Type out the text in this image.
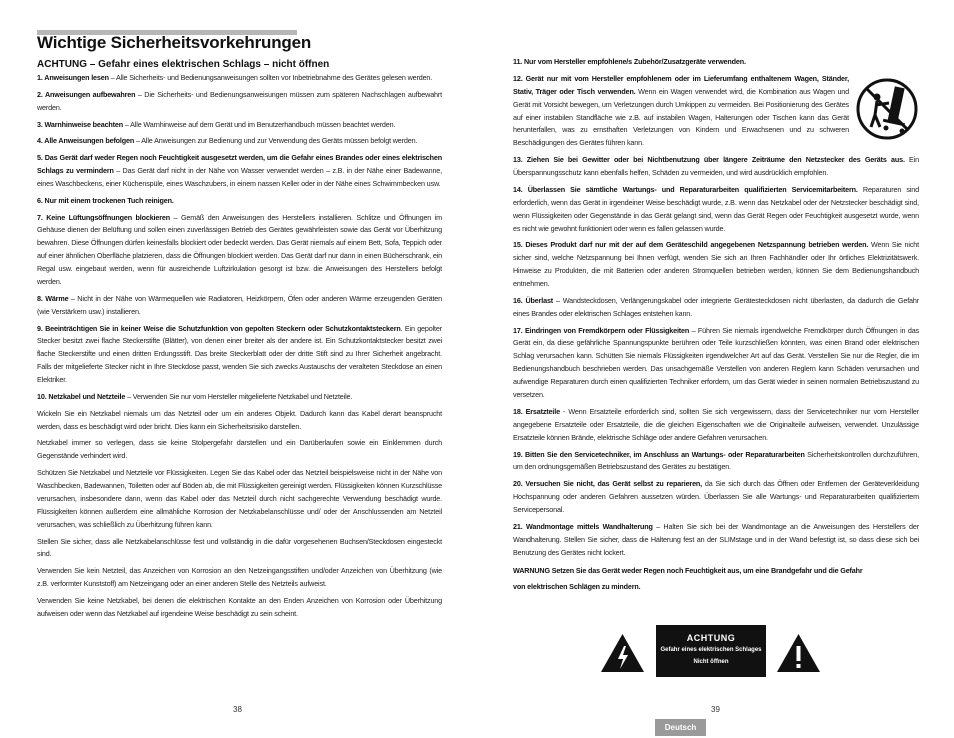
Wichtige Sicherheitsvorkehrungen
ACHTUNG – Gefahr eines elektrischen Schlags – nicht öffnen

1. Anweisungen lesen – Alle Sicherheits- und Bedienungsanweisungen sollten vor Inbetriebnahme des Gerätes gelesen werden.

2. Anweisungen aufbewahren – Die Sicherheits- und Bedienungsanweisungen müssen zum späteren Nachschlagen aufbewahrt werden.

3. Warnhinweise beachten – Alle Warnhinweise auf dem Gerät und im Benutzerhandbuch müssen beachtet werden.

4. Alle Anweisungen befolgen – Alle Anweisungen zur Bedienung und zur Verwendung des Geräts müssen befolgt werden.

5. Das Gerät darf weder Regen noch Feuchtigkeit ausgesetzt werden, um die Gefahr eines Brandes oder eines elektrischen Schlags zu vermindern – Das Gerät darf nicht in der Nähe von Wasser verwendet werden – z.B. in der Nähe einer Badewanne, eines Waschbeckens, einer Küchenspüle, eines Waschzubers, in einem nassen Keller oder in der Nähe eines Schwimmbecken usw.

6. Nur mit einem trockenen Tuch reinigen.

7. Keine Lüftungsöffnungen blockieren – Gemäß den Anweisungen des Herstellers installieren. Schlitze und Öffnungen im Gehäuse dienen der Belüftung und sollen einen zuverlässigen Betrieb des Gerätes gewährleisten sowie das Gerät vor Überhitzung bewahren. Diese Öffnungen dürfen keinesfalls blockiert oder bedeckt werden. Das Gerät niemals auf einem Bett, Sofa, Teppich oder auf einer ähnlichen Oberfläche platzieren, dass die Öffnungen blockiert werden. Das Gerät darf nur dann in einen Bücherschrank, ein Regal usw. eingebaut werden, wenn für ausreichende Luftzirkulation gesorgt ist bzw. die Anweisungen des Herstellers befolgt werden.

8. Wärme – Nicht in der Nähe von Wärmequellen wie Radiatoren, Heizkörpern, Öfen oder anderen Wärme erzeugenden Geräten (wie Verstärkern usw.) installieren.

9. Beeinträchtigen Sie in keiner Weise die Schutzfunktion von gepolten Steckern oder Schutzkontaktsteckern. Ein gepolter Stecker besitzt zwei flache Steckerstifte (Blätter), von denen einer breiter als der andere ist. Ein Schutzkontaktstecker besitzt zwei flache Steckerstifte und einen dritten Erdungsstift. Das breite Steckerblatt oder der dritte Stift sind zu Ihrer Sicherheit angebracht. Falls der mitgelieferte Stecker nicht in Ihre Steckdose passt, wenden Sie sich zwecks Austauschs der veralteten Steckdose an einen Elektriker.

10. Netzkabel und Netzteile – Verwenden Sie nur vom Hersteller mitgelieferte Netzkabel und Netzteile.

Wickeln Sie ein Netzkabel niemals um das Netzteil oder um ein anderes Objekt. Dadurch kann das Kabel derart beansprucht werden, dass es beschädigt wird oder bricht. Dies kann ein Sicherheitsrisiko darstellen.

Netzkabel immer so verlegen, dass sie keine Stolpergefahr darstellen und ein Darüberlaufen sowie ein Einklemmen durch Gegenstände verhindert wird.

Schützen Sie Netzkabel und Netzteile vor Flüssigkeiten. Legen Sie das Kabel oder das Netzteil beispielsweise nicht in der Nähe von Waschbecken, Badewannen, Toiletten oder auf Böden ab, die mit Flüssigkeiten gereinigt werden. Flüssigkeiten können Kurzschlüsse verursachen, insbesondere dann, wenn das Kabel oder das Netzteil durch nicht sachgerechte Verwendung beschädigt wurde. Flüssigkeiten können außerdem eine allmähliche Korrosion der Netzkabelanschlüsse und/ oder der Anschlussenden am Netzteil verursachen, was schließlich zu Überhitzung führen kann.

Stellen Sie sicher, dass alle Netzkabelanschlüsse fest und vollständig in die dafür vorgesehenen Buchsen/Steckdosen eingesteckt sind.

Verwenden Sie kein Netzteil, das Anzeichen von Korrosion an den Netzeingangsstiften und/oder Anzeichen von Überhitzung (wie z.B. verformter Kunststoff) am Netzeingang oder an einer anderen Stelle des Netzteils aufweist.

Verwenden Sie keine Netzkabel, bei denen die elektrischen Kontakte an den Enden Anzeichen von Korrosion oder Überhitzung aufweisen oder wenn das Netzkabel auf irgendeine Weise beschädigt zu sein scheint.

38

11. Nur vom Hersteller empfohlene/s Zubehör/Zusatzgeräte verwenden.

12. Gerät nur mit vom Hersteller empfohlenem oder im Lieferumfang enthaltenem Wagen, Ständer, Stativ, Träger oder Tisch verwenden. Wenn ein Wagen verwendet wird, die Kombination aus Wagen und Gerät mit Vorsicht bewegen, um Verletzungen durch Umkippen zu vermeiden. Bei Positionierung des Gerätes auf einer instabilen Standfläche wie z.B. auf instabilen Wagen, Halterungen oder Tischen kann das Gerät herunterfallen, was zu ernsthaften Verletzungen von Kindern und Erwachsenen und zu schweren Beschädigungen des Gerätes führen kann.

13. Ziehen Sie bei Gewitter oder bei Nichtbenutzung über längere Zeiträume den Netzstecker des Geräts aus. Ein Überspannungsschutz kann ebenfalls helfen, Schäden zu vermeiden, und wird ausdrücklich empfohlen.

14. Überlassen Sie sämtliche Wartungs- und Reparaturarbeiten qualifizierten Servicemitarbeitern. Reparaturen sind erforderlich, wenn das Gerät in irgendeiner Weise beschädigt wurde, z.B. wenn das Netzkabel oder der Netzstecker beschädigt sind, wenn Flüssigkeiten oder Gegenstände in das Gerät gelangt sind, wenn das Gerät Regen oder Feuchtigkeit ausgesetzt wurde, wenn es nicht wie gewohnt funktioniert oder wenn es fallen gelassen wurde.

15. Dieses Produkt darf nur mit der auf dem Geräteschild angegebenen Netzspannung betrieben werden. Wenn Sie nicht sicher sind, welche Netzspannung bei Ihnen verfügt, wenden Sie sich an Ihren Fachhändler oder Ihr örtliches Elektrizitätswerk. Hinweise zu Produkten, die mit Batterien oder anderen Stromquellen betrieben werden, können Sie dem Bedienungshandbuch entnehmen.

16. Überlast – Wandsteckdosen, Verlängerungskabel oder integrierte Gerätesteckdosen nicht überlasten, da dadurch die Gefahr eines Brandes oder elektrischen Schlages entstehen kann.

17. Eindringen von Fremdkörpern oder Flüssigkeiten – Führen Sie niemals irgendwelche Fremdkörper durch Öffnungen in das Gerät ein, da diese gefährliche Spannungspunkte berühren oder Teile kurzschließen könnten, was einen Brand oder elektrischen Schlag verursachen kann. Schütten Sie niemals Flüssigkeiten irgendwelcher Art auf das Gerät. Verstellen Sie nur die Regler, die im Bedienungshandbuch beschrieben werden. Das unsachgemäße Verstellen von anderen Reglern kann Schäden verursachen und aufwendige Reparaturen durch einen qualifizierten Techniker erfordern, um das Gerät wieder in seinen normalen Betriebszustand zu versetzen.

18. Ersatzteile - Wenn Ersatzteile erforderlich sind, sollten Sie sich vergewissern, dass der Servicetechniker nur vom Hersteller angegebene Ersatzteile oder Ersatzteile, die die gleichen Eigenschaften wie die Originalteile aufweisen, verwendet. Unzulässige Ersatzteile können Brände, elektrische Schläge oder andere Gefahren verursachen.

19. Bitten Sie den Servicetechniker, im Anschluss an Wartungs- oder Reparaturarbeiten Sicherheitskontrollen durchzuführen, um den ordnungsgemäßen Betriebszustand des Gerätes zu bestätigen.

20. Versuchen Sie nicht, das Gerät selbst zu reparieren, da Sie sich durch das Öffnen oder Entfernen der Geräteverkleidung Hochspannung oder anderen Gefahren aussetzen würden. Überlassen Sie alle Wartungs- und Reparaturarbeiten qualifiziertem Servicepersonal.

21. Wandmontage mittels Wandhalterung – Halten Sie sich bei der Wandmontage an die Anweisungen des Herstellers der Wandhalterung. Stellen Sie sicher, dass die Halterung fest an der SLIMstage und in der Wand befestigt ist, so dass diese sich bei Benutzung des Gerätes nicht lockert.

WARNUNG Setzen Sie das Gerät weder Regen noch Feuchtigkeit aus, um eine Brandgefahr und die Gefahr
von elektrischen Schlägen zu mindern.

ACHTUNG
Gefahr eines elektrischen Schlages
Nicht öffnen
39
Deutsch
